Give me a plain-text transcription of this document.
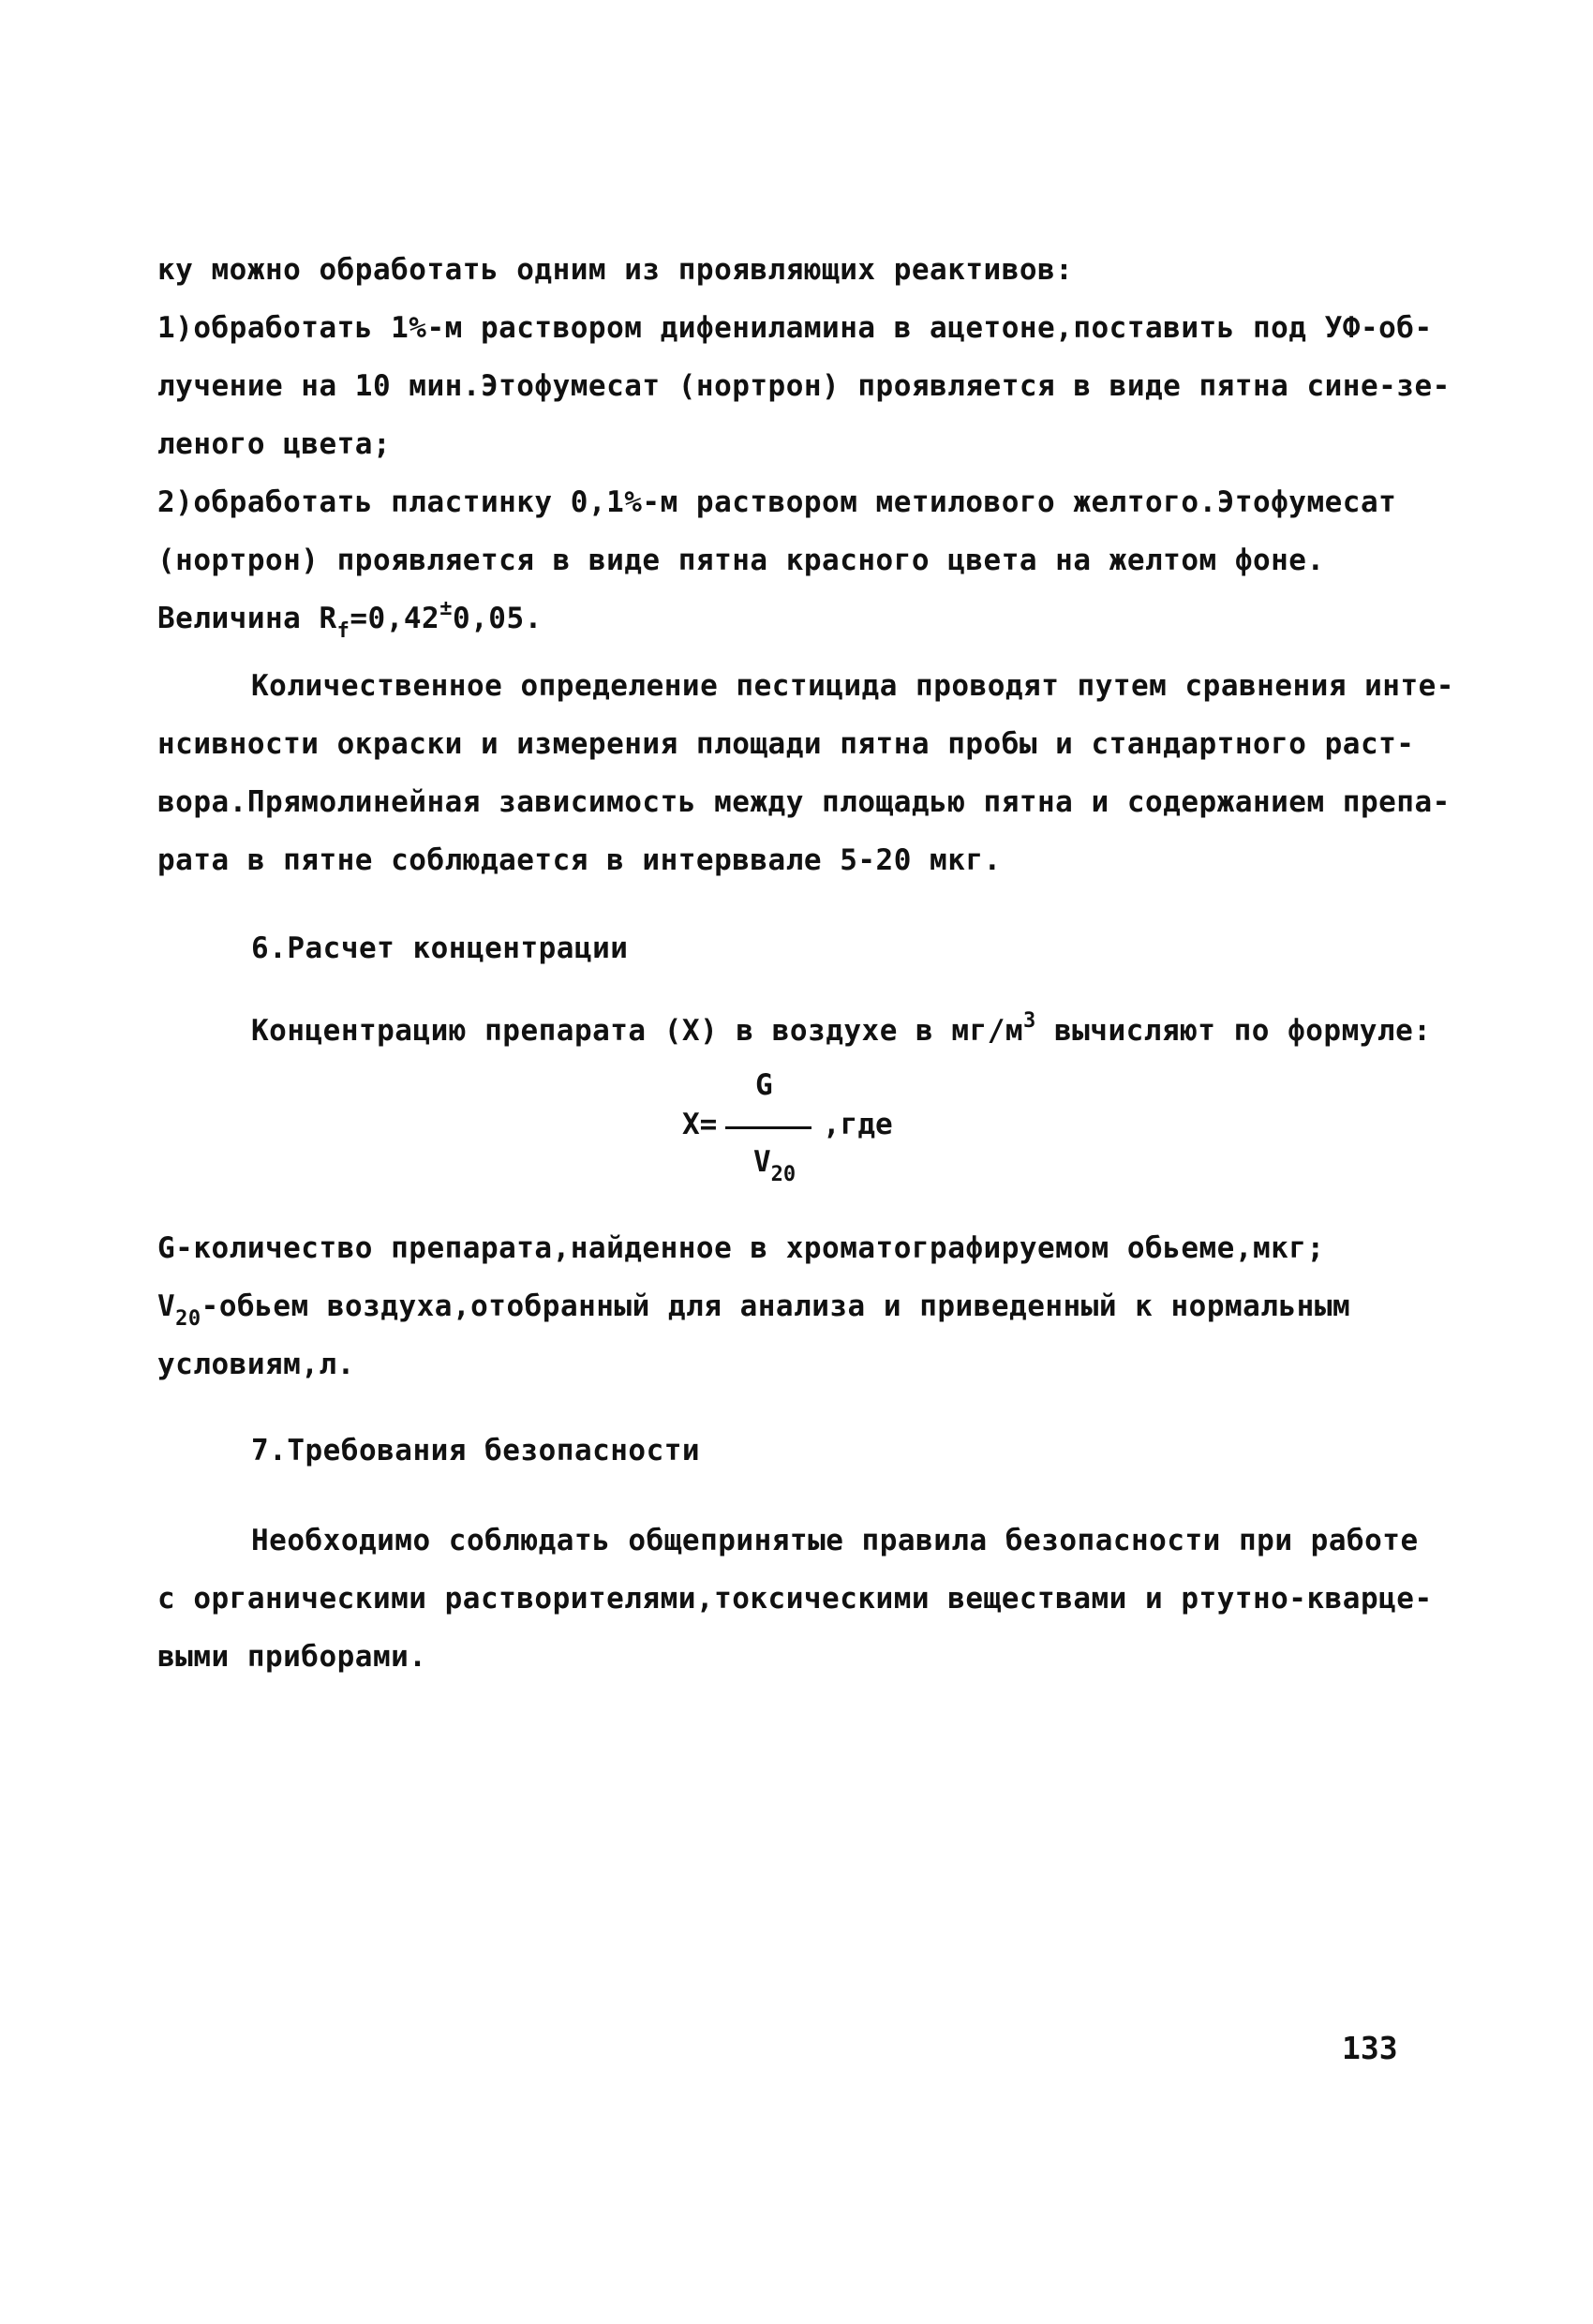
ку можно обработать одним из проявляющих реактивов:
1)обработать 1%-м раствором дифениламина в ацетоне,поставить под УФ-об-
лучение на 10 мин.Этофумесат (нортрон) проявляется в виде пятна сине-зе-
леного цвета;
2)обработать пластинку 0,1%-м раствором метилового желтого.Этофумесат
(нортрон) проявляется в виде пятна красного цвета на желтом фоне.
Величина $R_f=0,42^\pm 0,05$.
Количественное определение пестицида проводят путем сравнения инте-
нсивности окраски и измерения площади пятна пробы и стандартного раст-
вора.Прямолинейная зависимость между площадью пятна и содержанием препа-
рата в пятне соблюдается в интерввале 5-20 мкг.
6.Расчет концентрации
Концентрацию препарата (X) в воздухе в $мг/м^3$ вычисляют по формуле:
G
X=	,где
$V_{20}$
G-количество препарата,найденное в хроматографируемом обьеме,мкг;
$V_{20}$-обьем воздуха,отобранный для анализа и приведенный к нормальным
условиям,л.
7.Требования безопасности
Необходимо соблюдать общепринятые правила безопасности при работе
с органическими растворителями,токсическими веществами и ртутно-кварце-
выми приборами.
133
